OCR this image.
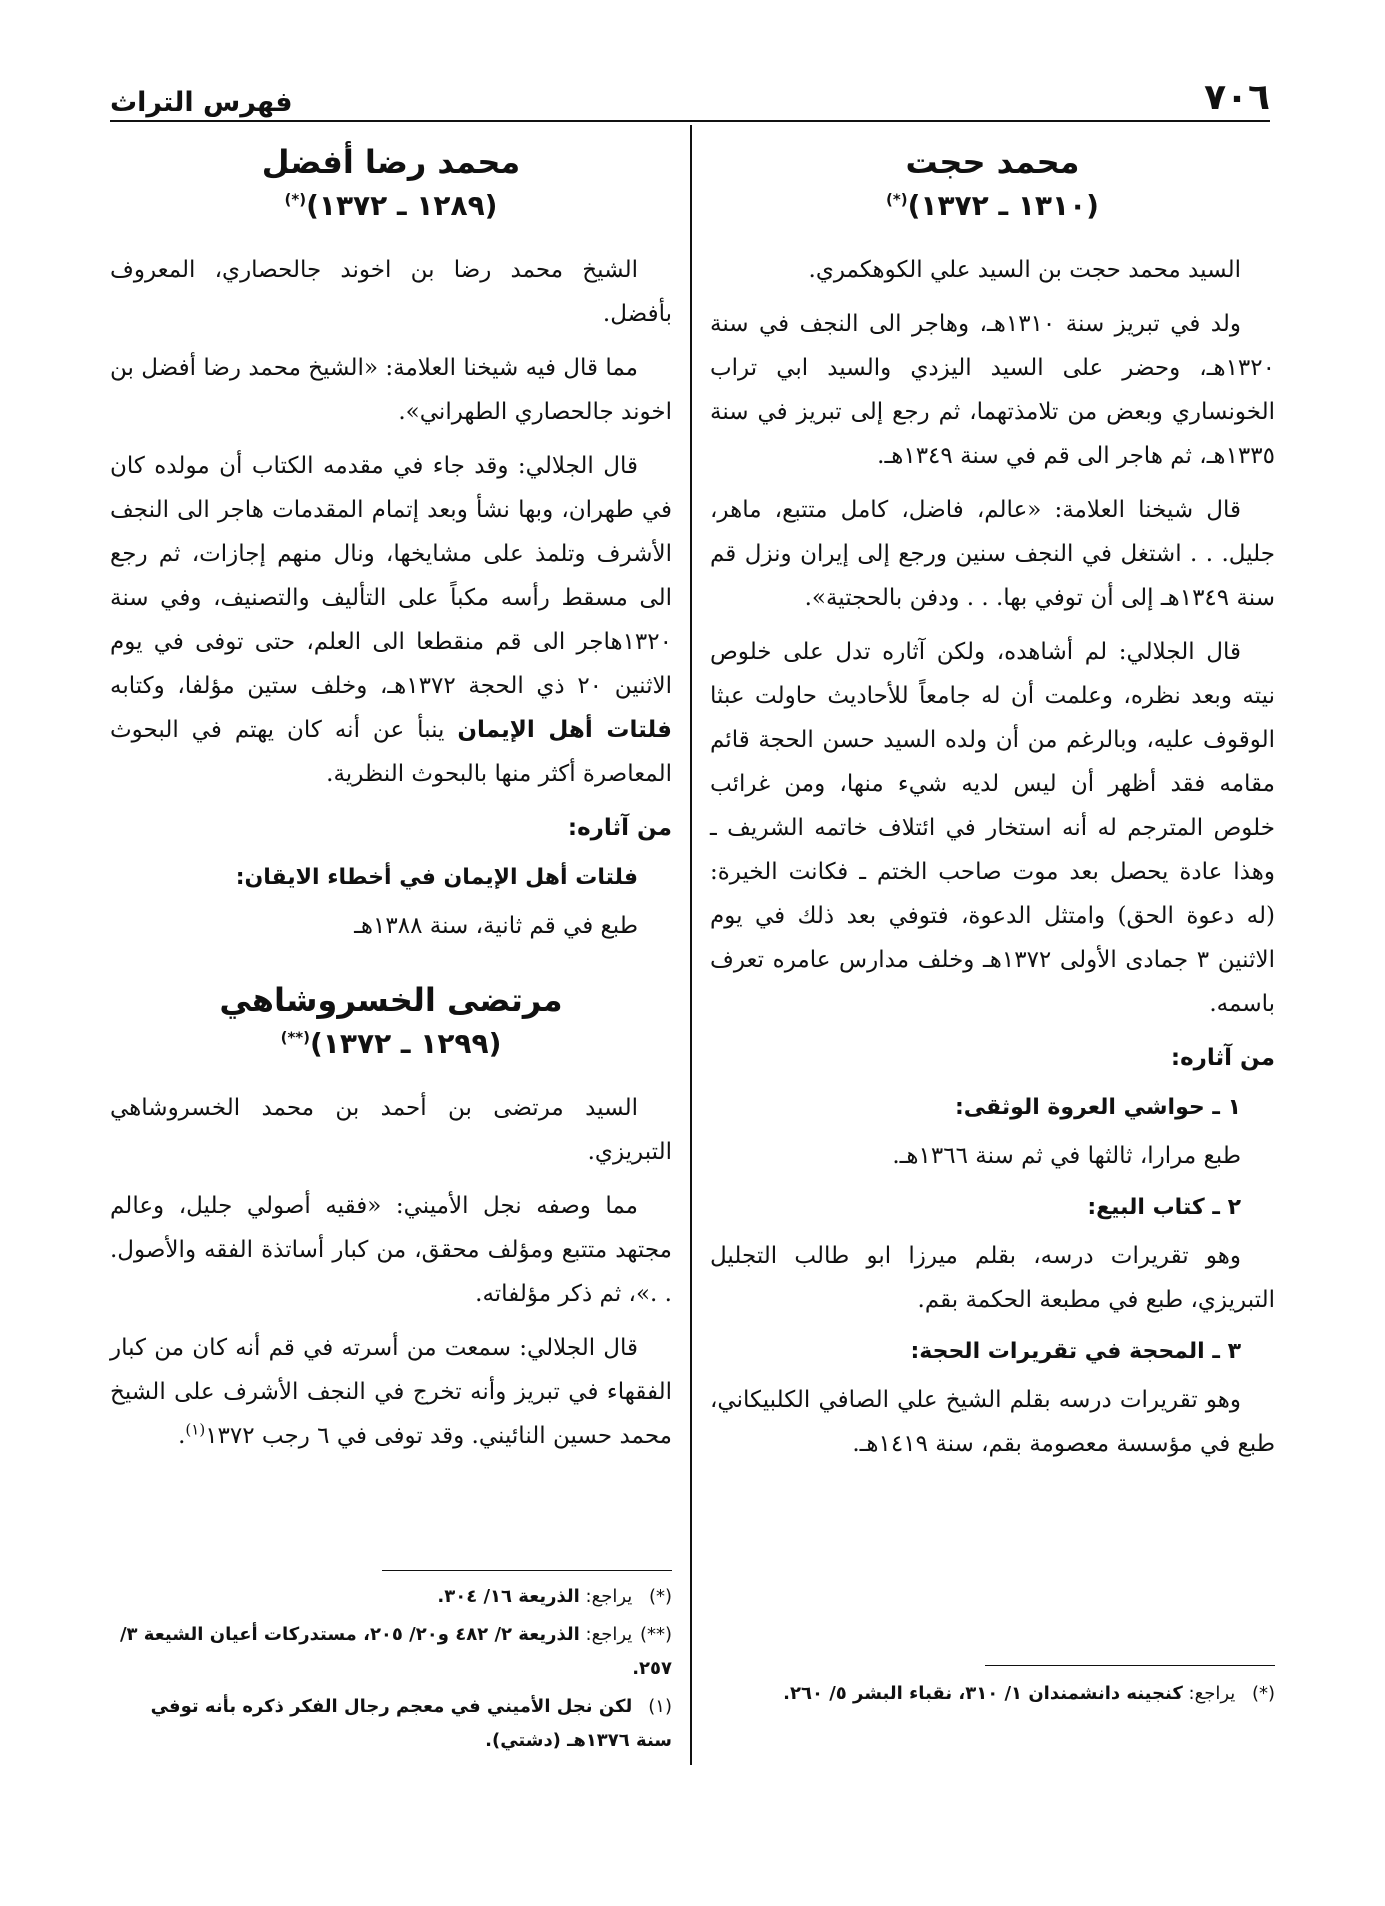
٧٠٦
فهرس التراث
محمد حجت

(١٣١٠ ـ ١٣٧٢)(*)

السيد محمد حجت بن السيد علي الكوهكمري.

ولد في تبريز سنة ١٣١٠هـ، وهاجر الى النجف في سنة ١٣٢٠هـ، وحضر على السيد اليزدي والسيد ابي تراب الخونساري وبعض من تلامذتهما، ثم رجع إلى تبريز في سنة ١٣٣٥هـ، ثم هاجر الى قم في سنة ١٣٤٩هـ.

قال شيخنا العلامة: «عالم، فاضل، كامل متتبع، ماهر، جليل. . . اشتغل في النجف سنين ورجع إلى إيران ونزل قم سنة ١٣٤٩هـ إلى أن توفي بها. . . ودفن بالحجتية».

قال الجلالي: لم أشاهده، ولكن آثاره تدل على خلوص نيته وبعد نظره، وعلمت أن له جامعاً للأحاديث حاولت عبثا الوقوف عليه، وبالرغم من أن ولده السيد حسن الحجة قائم مقامه فقد أظهر أن ليس لديه شيء منها، ومن غرائب خلوص المترجم له أنه استخار في ائتلاف خاتمه الشريف ـ وهذا عادة يحصل بعد موت صاحب الختم ـ فكانت الخيرة: (له دعوة الحق) وامتثل الدعوة، فتوفي بعد ذلك في يوم الاثنين ٣ جمادى الأولى ١٣٧٢هـ وخلف مدارس عامره تعرف باسمه.

من آثاره:
١ ـ حواشي العروة الوثقى:

طبع مرارا، ثالثها في ثم سنة ١٣٦٦هـ.

٢ ـ كتاب البيع:

وهو تقريرات درسه، بقلم ميرزا ابو طالب التجليل التبريزي، طبع في مطبعة الحكمة بقم.

٣ ـ المحجة في تقريرات الحجة:

وهو تقريرات درسه بقلم الشيخ علي الصافي الكلبيكاني، طبع في مؤسسة معصومة بقم، سنة ١٤١٩هـ.

(*) يراجع: كنجينه دانشمندان ١/ ٣١٠، نقباء البشر ٥/ ٢٦٠.

محمد رضا أفضل

(١٢٨٩ ـ ١٣٧٢)(*)

الشيخ محمد رضا بن اخوند جالحصاري، المعروف بأفضل.

مما قال فيه شيخنا العلامة: «الشيخ محمد رضا أفضل بن اخوند جالحصاري الطهراني».

قال الجلالي: وقد جاء في مقدمه الكتاب أن مولده كان في طهران، وبها نشأ وبعد إتمام المقدمات هاجر الى النجف الأشرف وتلمذ على مشايخها، ونال منهم إجازات، ثم رجع الى مسقط رأسه مكباً على التأليف والتصنيف، وفي سنة ١٣٢٠هاجر الى قم منقطعا الى العلم، حتى توفى في يوم الاثنين ٢٠ ذي الحجة ١٣٧٢هـ، وخلف ستين مؤلفا، وكتابه فلتات أهل الإيمان ينبأ عن أنه كان يهتم في البحوث المعاصرة أكثر منها بالبحوث النظرية.

من آثاره:
فلتات أهل الإيمان في أخطاء الايقان:

طبع في قم ثانية، سنة ١٣٨٨هـ

مرتضى الخسروشاهي

(١٢٩٩ ـ ١٣٧٢)(**)

السيد مرتضى بن أحمد بن محمد الخسروشاهي التبريزي.

مما وصفه نجل الأميني: «فقيه أصولي جليل، وعالم مجتهد متتبع ومؤلف محقق، من كبار أساتذة الفقه والأصول. . .»، ثم ذكر مؤلفاته.

قال الجلالي: سمعت من أسرته في قم أنه كان من كبار الفقهاء في تبريز وأنه تخرج في النجف الأشرف على الشيخ محمد حسين النائيني. وقد توفى في ٦ رجب ١٣٧٢$^{(١)}$.

(*) يراجع: الذريعة ١٦/ ٣٠٤.

(**) يراجع: الذريعة ٢/ ٤٨٢ و٢٠/ ٢٠٥، مستدركات أعيان الشيعة ٣/ ٢٥٧.

(١) لكن نجل الأميني في معجم رجال الفكر ذكره بأنه توفي سنة ١٣٧٦هـ (دشتي).
